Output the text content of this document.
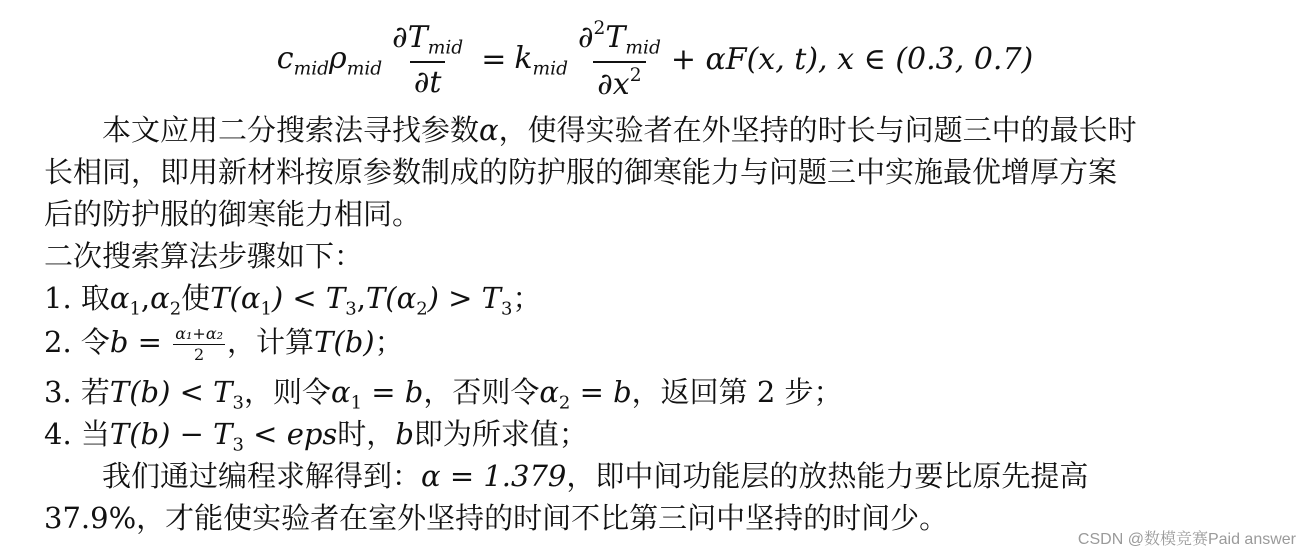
$c_{mid}$ $\rho_{mid} \frac{\partial T_{mid}}{\partial t} = k_{mid} \frac{\partial^2T_{mid}}{\partial x^2} + \alpha F(x$, t), x ∈ (0.3, 0.7)
本文应用二分搜索法寻找参数α，使得实验者在外坚持的时长与问题三中的最长时
长相同，即用新材料按原参数制成的防护服的御寒能力与问题三中实施最优增厚方案
后的防护服的御寒能力相同。
二次搜索算法步骤如下：
1. 取$\alpha_1,\alpha_2$使$T(\alpha_1) < T_3,T(\alpha_2) > T_3$；
2. 令$b = \frac{\text{α₁+α₂}}{2}$ ，计算T(b)；
3. 若$T(b) < T_3$，则令$\alpha_1 = b$，否则令$\alpha_2 = b$，返回第 2 步；
4. 当$T(b) - T_3$ < eps时，b即为所求值；
我们通过编程求解得到：α = 1.379，即中间功能层的放热能力要比原先提高
37.9%，才能使实验者在室外坚持的时间不比第三问中坚持的时间少。
CSDN @数模竞赛Paid answer
